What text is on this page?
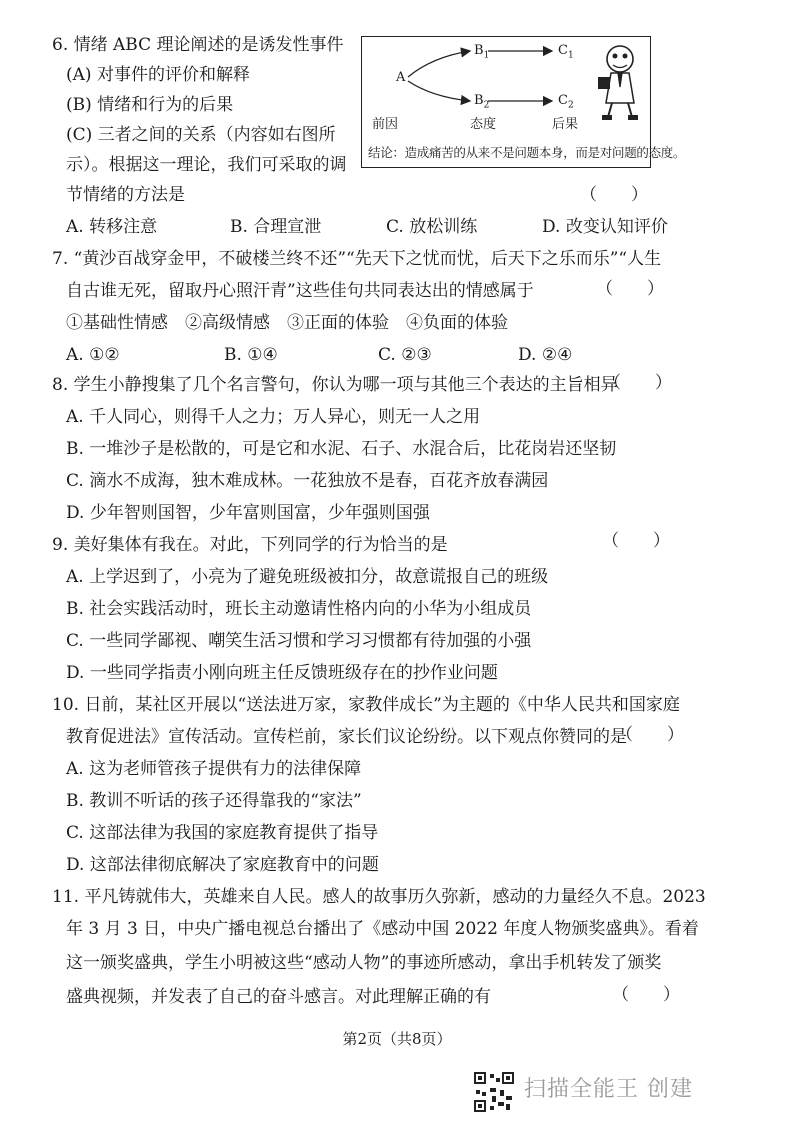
6. 情绪 ABC 理论阐述的是诱发性事件
(A) 对事件的评价和解释
(B) 情绪和行为的后果
(C) 三者之间的关系（内容如右图所
示）。根据这一理论，我们可采取的调
节情绪的方法是	（　　）
A
$B_1$	$C_1$
$B_2$	$C_2$
前因	态度	后果
结论：造成痛苦的从来不是问题本身，而是对问题的态度。
A. 转移注意	B. 合理宣泄	C. 放松训练	D. 改变认知评价
7. “黄沙百战穿金甲，不破楼兰终不还”“先天下之忧而忧，后天下之乐而乐”“人生
自古谁无死，留取丹心照汗青”这些佳句共同表达出的情感属于	（　　）
①基础性情感　②高级情感　③正面的体验　④负面的体验
A. ①②	B. ①④	C. ②③	D. ②④
8. 学生小静搜集了几个名言警句，你认为哪一项与其他三个表达的主旨相异
（　　）
A. 千人同心，则得千人之力；万人异心，则无一人之用
B. 一堆沙子是松散的，可是它和水泥、石子、水混合后，比花岗岩还坚韧
C. 滴水不成海，独木难成林。一花独放不是春，百花齐放春满园
D. 少年智则国智，少年富则国富，少年强则国强
9. 美好集体有我在。对此，下列同学的行为恰当的是	（　　）
A. 上学迟到了，小亮为了避免班级被扣分，故意谎报自己的班级
B. 社会实践活动时，班长主动邀请性格内向的小华为小组成员
C. 一些同学鄙视、嘲笑生活习惯和学习习惯都有待加强的小强
D. 一些同学指责小刚向班主任反馈班级存在的抄作业问题
10. 日前，某社区开展以“送法进万家，家教伴成长”为主题的《中华人民共和国家庭
教育促进法》宣传活动。宣传栏前，家长们议论纷纷。以下观点你赞同的是
（　　）
A. 这为老师管孩子提供有力的法律保障
B. 教训不听话的孩子还得靠我的“家法”
C. 这部法律为我国的家庭教育提供了指导
D. 这部法律彻底解决了家庭教育中的问题
11. 平凡铸就伟大，英雄来自人民。感人的故事历久弥新，感动的力量经久不息。2023
年 3 月 3 日，中央广播电视总台播出了《感动中国 2022 年度人物颁奖盛典》。看着
这一颁奖盛典，学生小明被这些“感动人物”的事迹所感动，拿出手机转发了颁奖
盛典视频，并发表了自己的奋斗感言。对此理解正确的有	（　　）
第2页（共8页）
扫描全能王 创建
